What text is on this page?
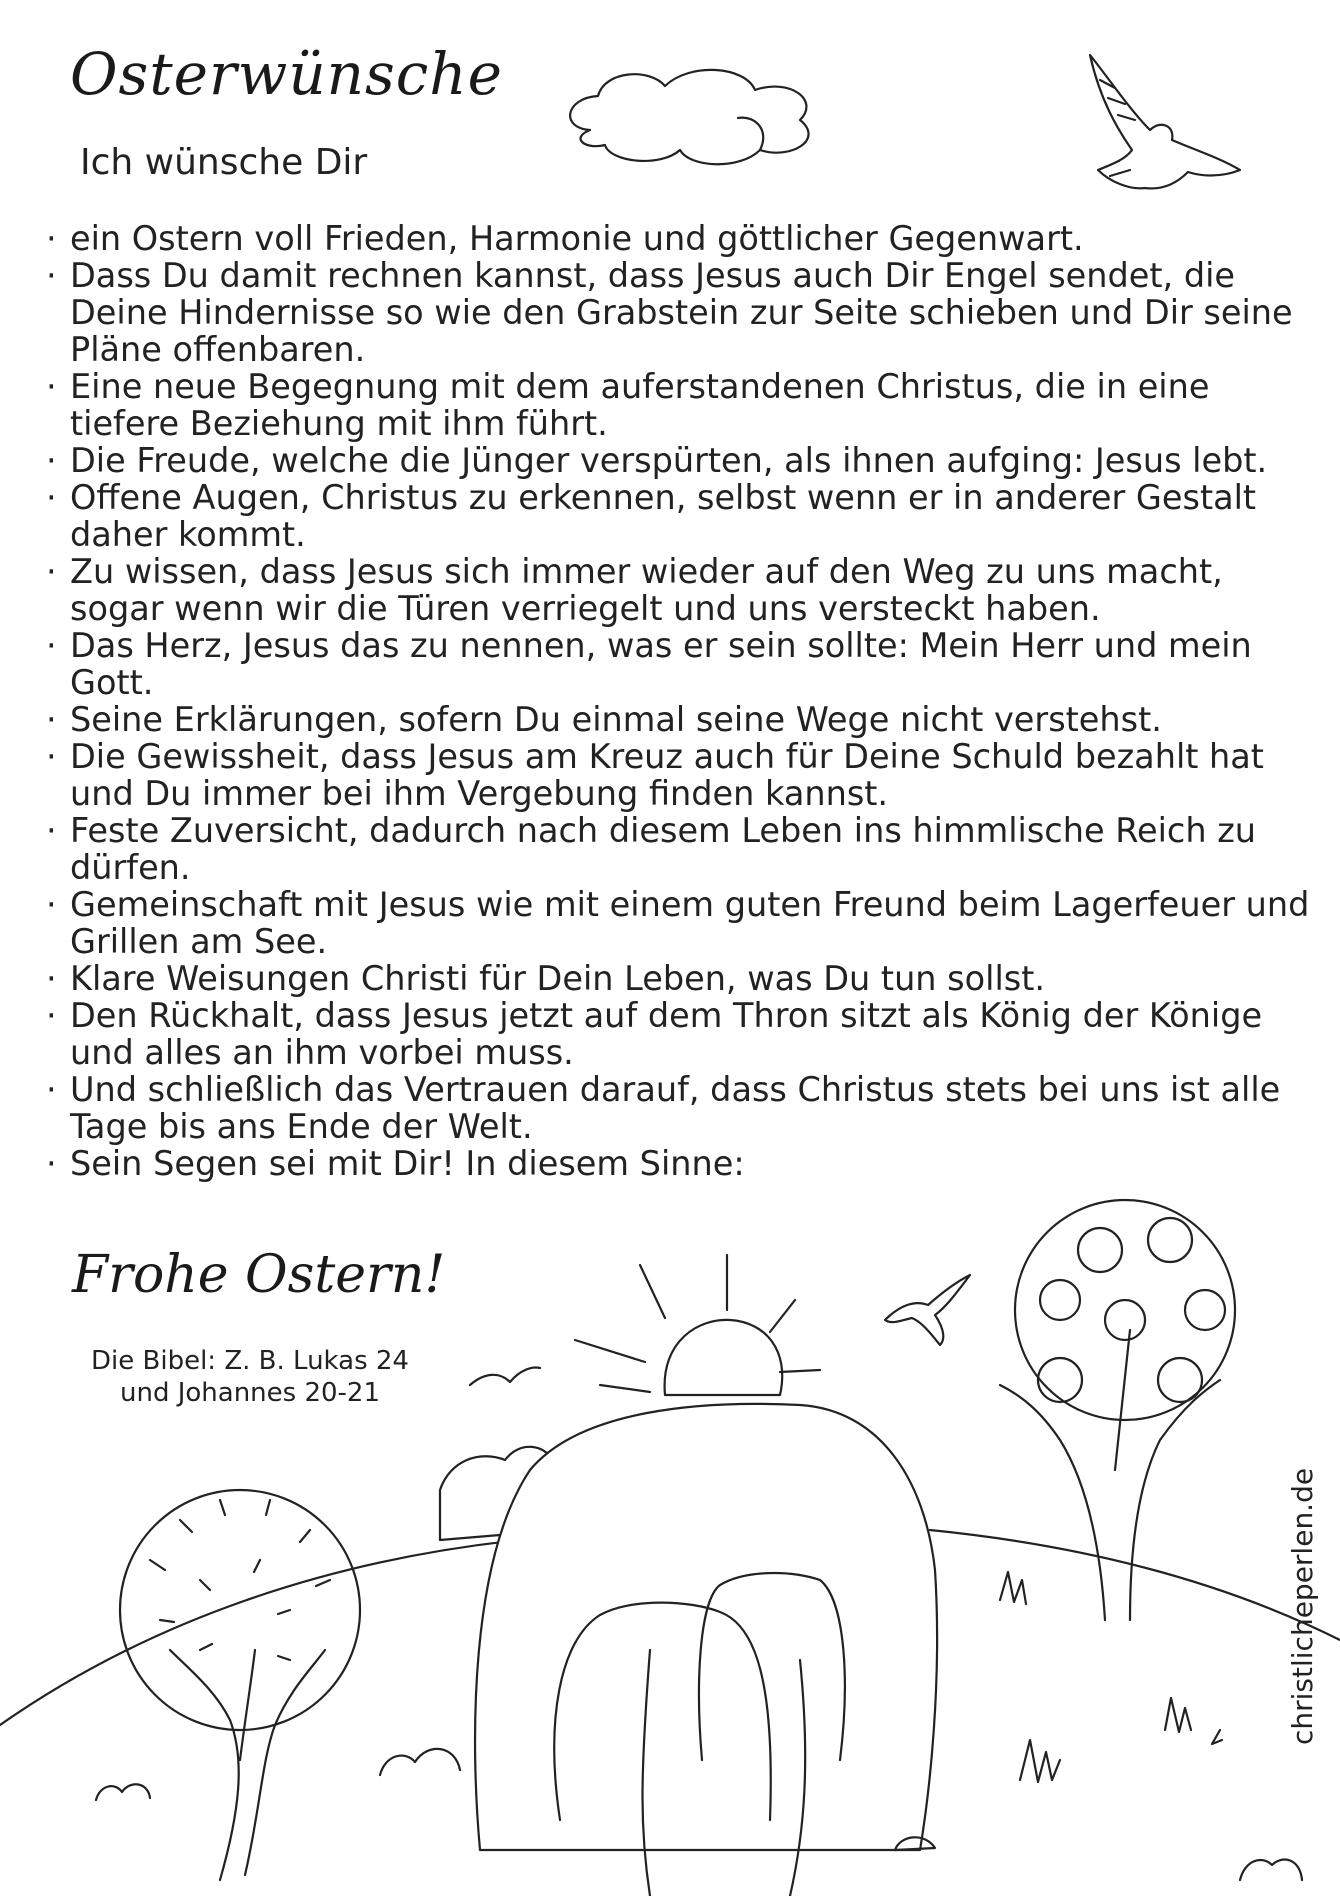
Osterwünsche

Ich wünsche Dir

· ein Ostern voll Frieden, Harmonie und göttlicher Gegenwart.
· Dass Du damit rechnen kannst, dass Jesus auch Dir Engel sendet, die Deine Hindernisse so wie den Grabstein zur Seite schieben und Dir seine Pläne offenbaren.
· Eine neue Begegnung mit dem auferstandenen Christus, die in eine tiefere Beziehung mit ihm führt.
· Die Freude, welche die Jünger verspürten, als ihnen aufging: Jesus lebt.
· Offene Augen, Christus zu erkennen, selbst wenn er in anderer Gestalt daher kommt.
· Zu wissen, dass Jesus sich immer wieder auf den Weg zu uns macht, sogar wenn wir die Türen verriegelt und uns versteckt haben.
· Das Herz, Jesus das zu nennen, was er sein sollte: Mein Herr und mein Gott.
· Seine Erklärungen, sofern Du einmal seine Wege nicht verstehst.
· Die Gewissheit, dass Jesus am Kreuz auch für Deine Schuld bezahlt hat und Du immer bei ihm Vergebung finden kannst.
· Feste Zuversicht, dadurch nach diesem Leben ins himmlische Reich zu dürfen.
· Gemeinschaft mit Jesus wie mit einem guten Freund beim Lagerfeuer und Grillen am See.
· Klare Weisungen Christi für Dein Leben, was Du tun sollst.
· Den Rückhalt, dass Jesus jetzt auf dem Thron sitzt als König der Könige und alles an ihm vorbei muss.
· Und schließlich das Vertrauen darauf, dass Christus stets bei uns ist alle Tage bis ans Ende der Welt.
· Sein Segen sei mit Dir! In diesem Sinne:
Frohe Ostern!
Die Bibel: Z. B. Lukas 24
und Johannes 20-21
christlicheperlen.de
